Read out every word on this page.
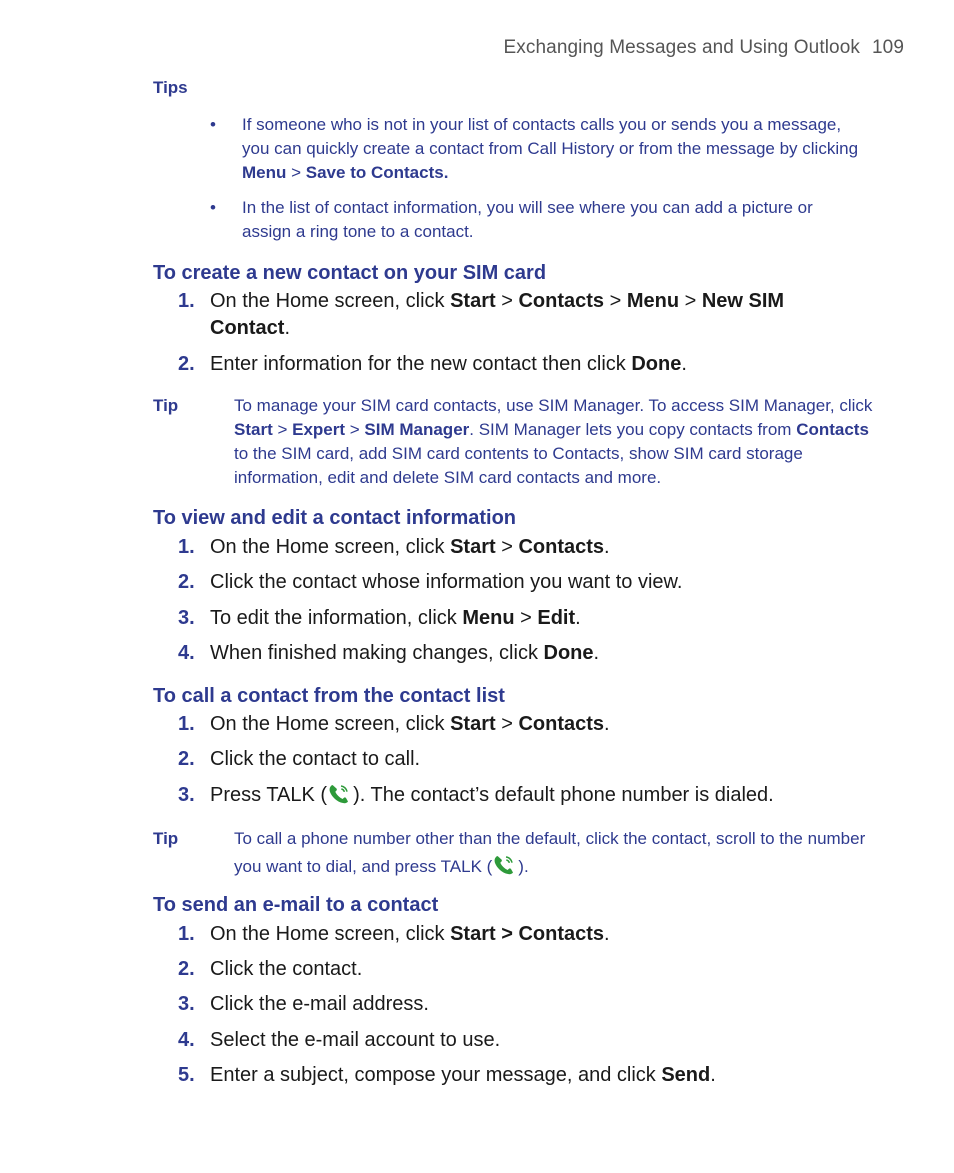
Exchanging Messages and Using Outlook 109
Tips
• If someone who is not in your list of contacts calls you or sends you a message, you can quickly create a contact from Call History or from the message by clicking Menu > Save to Contacts.
• In the list of contact information, you will see where you can add a picture or assign a ring tone to a contact.
To create a new contact on your SIM card
1. On the Home screen, click Start > Contacts > Menu > New SIM Contact.
2. Enter information for the new contact then click Done.
Tip	To manage your SIM card contacts, use SIM Manager. To access SIM Manager, click Start > Expert > SIM Manager. SIM Manager lets you copy contacts from Contacts to the SIM card, add SIM card contents to Contacts, show SIM card storage information, edit and delete SIM card contacts and more.
To view and edit a contact information
1. On the Home screen, click Start > Contacts.
2. Click the contact whose information you want to view.
3. To edit the information, click Menu > Edit.
4. When finished making changes, click Done.
To call a contact from the contact list
1. On the Home screen, click Start > Contacts.
2. Click the contact to call.
3. Press TALK ( ). The contact’s default phone number is dialed.
Tip	To call a phone number other than the default, click the contact, scroll to the number you want to dial, and press TALK ( ).
To send an e-mail to a contact
1. On the Home screen, click Start > Contacts.
2. Click the contact.
3. Click the e-mail address.
4. Select the e-mail account to use.
5. Enter a subject, compose your message, and click Send.
